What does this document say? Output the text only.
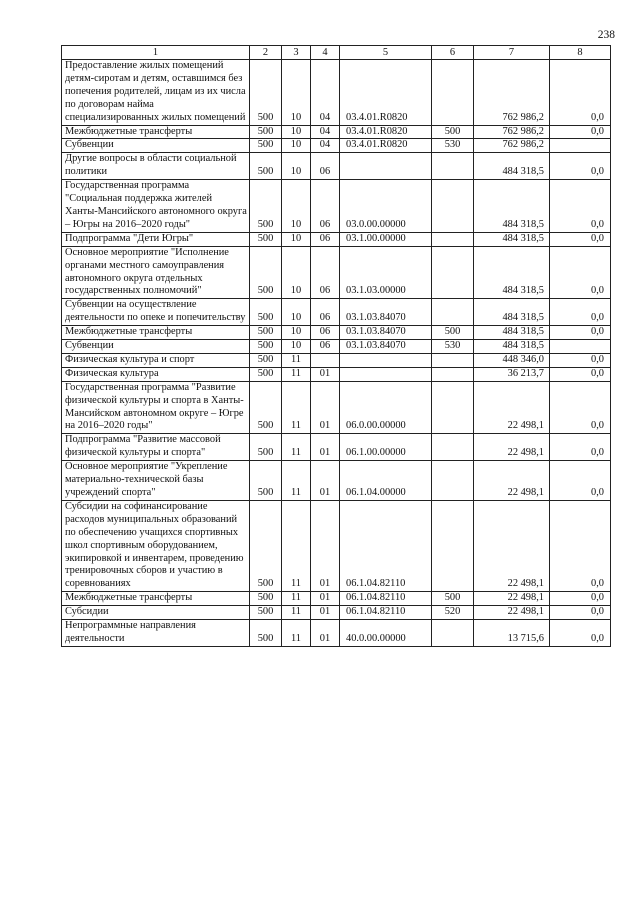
238
1	2	3	4	5	6	7	8
Предоставление жилых помещений детям-сиротам и детям, оставшимся без попечения родителей, лицам из их числа по договорам найма специализированных жилых помещений	500	10	04	03.4.01.R0820		762 986,2	0,0
Межбюджетные трансферты	500	10	04	03.4.01.R0820	500	762 986,2	0,0
Субвенции	500	10	04	03.4.01.R0820	530	762 986,2	
Другие вопросы в области социальной политики	500	10	06			484 318,5	0,0
Государственная программа "Социальная поддержка жителей Ханты-Мансийского автономного округа – Югры на 2016–2020 годы"	500	10	06	03.0.00.00000		484 318,5	0,0
Подпрограмма "Дети Югры"	500	10	06	03.1.00.00000		484 318,5	0,0
Основное мероприятие "Исполнение органами местного самоуправления автономного округа отдельных государственных полномочий"	500	10	06	03.1.03.00000		484 318,5	0,0
Субвенции на осуществление деятельности по опеке и попечительству	500	10	06	03.1.03.84070		484 318,5	0,0
Межбюджетные трансферты	500	10	06	03.1.03.84070	500	484 318,5	0,0
Субвенции	500	10	06	03.1.03.84070	530	484 318,5	
Физическая культура и спорт	500	11				448 346,0	0,0
Физическая культура	500	11	01			36 213,7	0,0
Государственная программа "Развитие физической культуры и спорта в Ханты-Мансийском автономном округе – Югре на 2016–2020 годы"	500	11	01	06.0.00.00000		22 498,1	0,0
Подпрограмма "Развитие массовой физической культуры и спорта"	500	11	01	06.1.00.00000		22 498,1	0,0
Основное мероприятие "Укрепление материально-технической базы учреждений спорта"	500	11	01	06.1.04.00000		22 498,1	0,0
Субсидии на софинансирование расходов муниципальных образований по обеспечению учащихся спортивных школ спортивным оборудованием, экипировкой и инвентарем, проведению тренировочных сборов и участию в соревнованиях	500	11	01	06.1.04.82110		22 498,1	0,0
Межбюджетные трансферты	500	11	01	06.1.04.82110	500	22 498,1	0,0
Субсидии	500	11	01	06.1.04.82110	520	22 498,1	0,0
Непрограммные направления деятельности	500	11	01	40.0.00.00000		13 715,6	0,0
